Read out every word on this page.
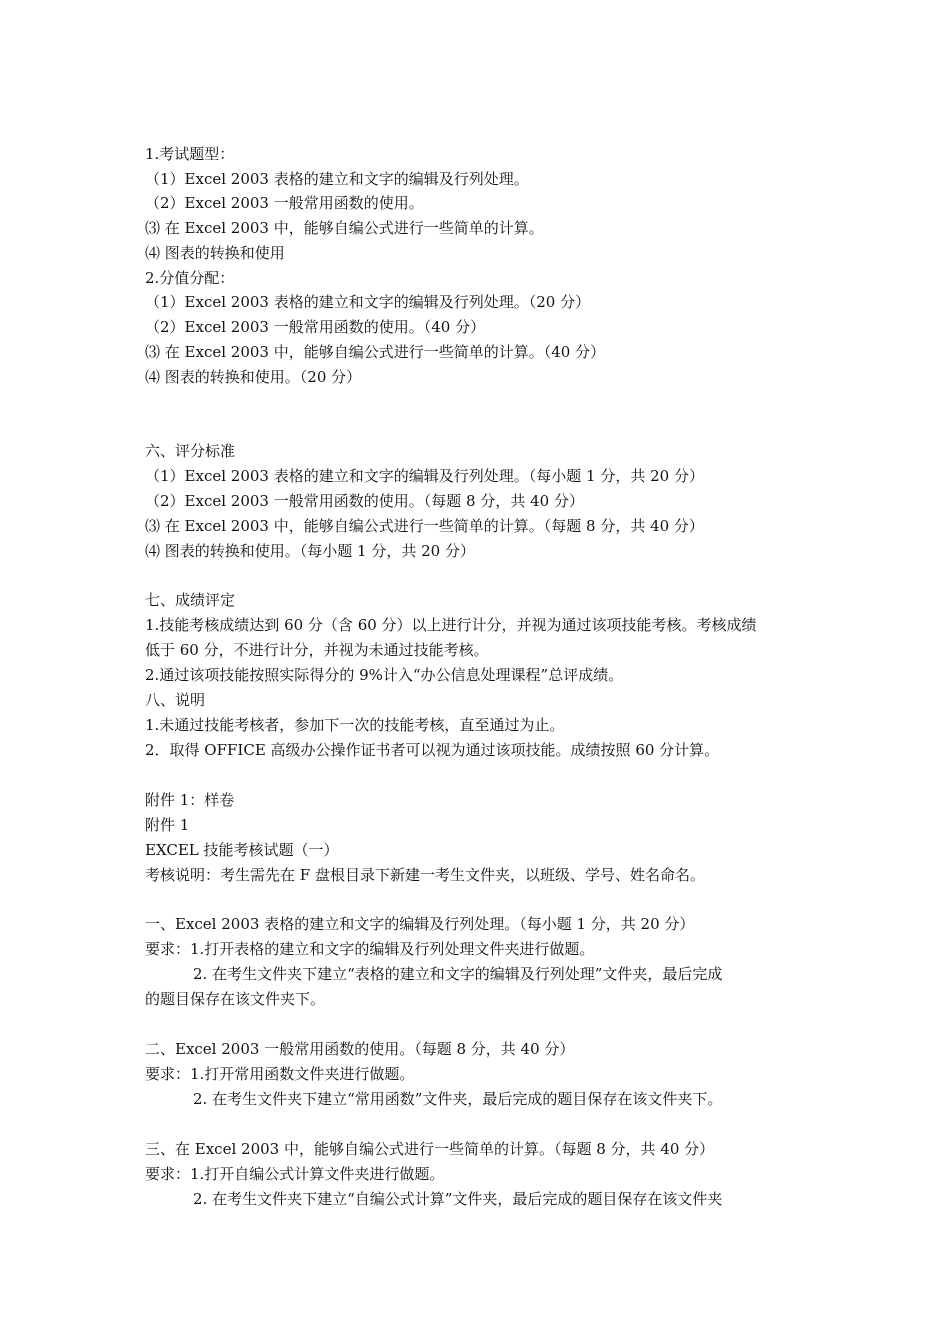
1.考试题型：
（1）Excel 2003 表格的建立和文字的编辑及行列处理。
（2）Excel 2003 一般常用函数的使用。
⑶ 在 Excel 2003 中，能够自编公式进行一些简单的计算。
⑷ 图表的转换和使用
2.分值分配：
（1）Excel 2003 表格的建立和文字的编辑及行列处理。（20 分）
（2）Excel 2003 一般常用函数的使用。（40 分）
⑶ 在 Excel 2003 中，能够自编公式进行一些简单的计算。（40 分）
⑷ 图表的转换和使用。（20 分）
六、评分标准
（1）Excel 2003 表格的建立和文字的编辑及行列处理。（每小题 1 分，共 20 分）
（2）Excel 2003 一般常用函数的使用。（每题 8 分，共 40 分）
⑶ 在 Excel 2003 中，能够自编公式进行一些简单的计算。（每题 8 分，共 40 分）
⑷ 图表的转换和使用。（每小题 1 分，共 20 分）
七、成绩评定
1.技能考核成绩达到 60 分（含 60 分）以上进行计分，并视为通过该项技能考核。考核成绩
低于 60 分，不进行计分，并视为未通过技能考核。
2.通过该项技能按照实际得分的 9%计入“办公信息处理课程”总评成绩。
八、说明
1.未通过技能考核者，参加下一次的技能考核，直至通过为止。
2．取得 OFFICE 高级办公操作证书者可以视为通过该项技能。成绩按照 60 分计算。
附件 1：样卷
附件 1
EXCEL 技能考核试题（一）
考核说明：考生需先在 F 盘根目录下新建一考生文件夹，以班级、学号、姓名命名。
一、Excel 2003 表格的建立和文字的编辑及行列处理。（每小题 1 分，共 20 分）
要求：1.打开表格的建立和文字的编辑及行列处理文件夹进行做题。
2. 在考生文件夹下建立“表格的建立和文字的编辑及行列处理”文件夹，最后完成
的题目保存在该文件夹下。
二、Excel 2003 一般常用函数的使用。（每题 8 分，共 40 分）
要求：1.打开常用函数文件夹进行做题。
2. 在考生文件夹下建立“常用函数”文件夹，最后完成的题目保存在该文件夹下。
三、在 Excel 2003 中，能够自编公式进行一些简单的计算。（每题 8 分，共 40 分）
要求：1.打开自编公式计算文件夹进行做题。
2. 在考生文件夹下建立“自编公式计算”文件夹，最后完成的题目保存在该文件夹
